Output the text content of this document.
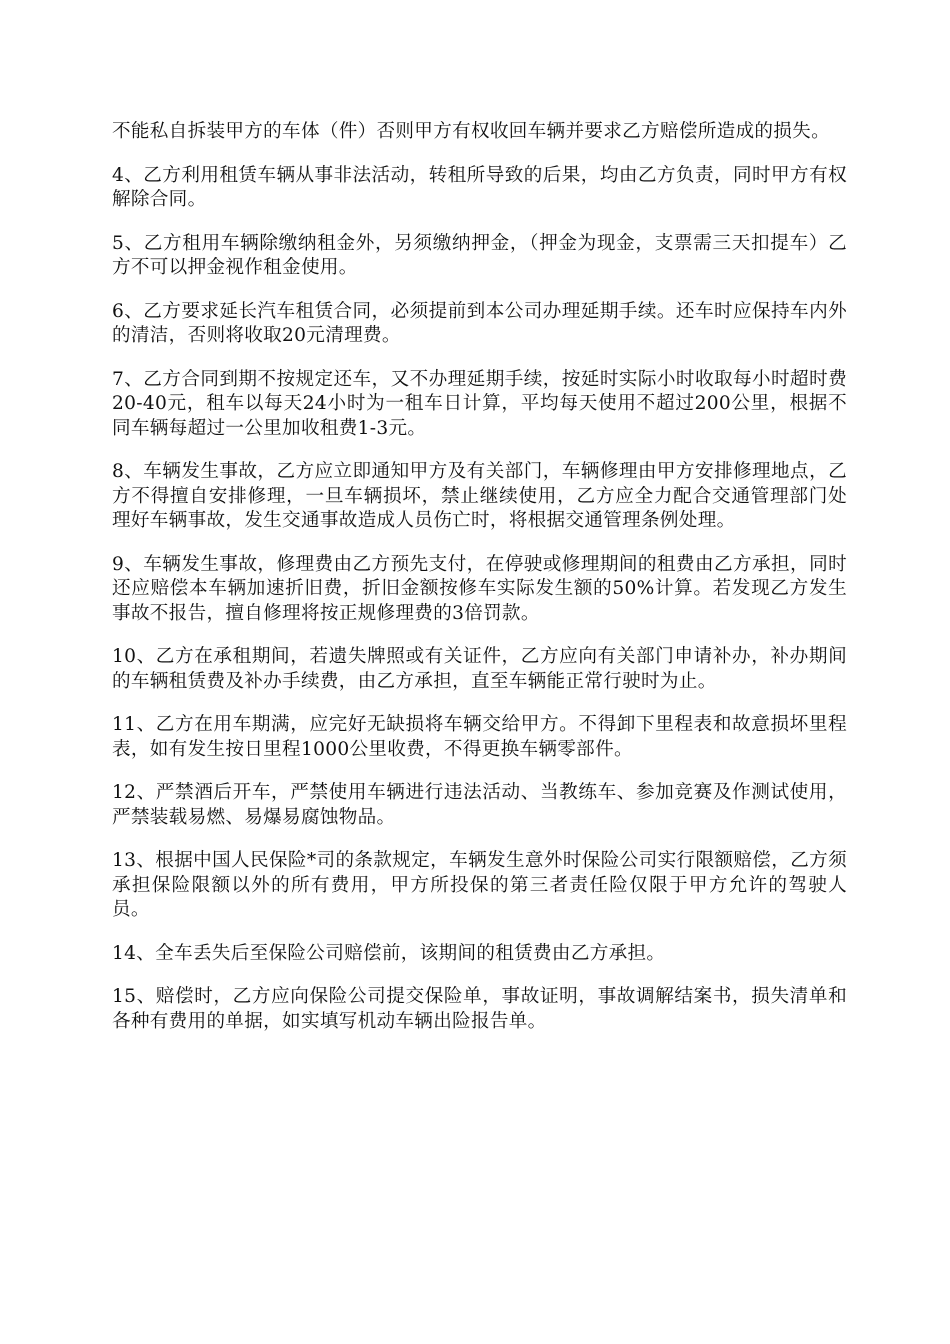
不能私自拆装甲方的车体（件）否则甲方有权收回车辆并要求乙方赔偿所造成的损失。

4、乙方利用租赁车辆从事非法活动，转租所导致的后果，均由乙方负责，同时甲方有权解除合同。

5、乙方租用车辆除缴纳租金外，另须缴纳押金，（押金为现金，支票需三天扣提车）乙方不可以押金视作租金使用。

6、乙方要求延长汽车租赁合同，必须提前到本公司办理延期手续。还车时应保持车内外的清洁，否则将收取20元清理费。

7、乙方合同到期不按规定还车，又不办理延期手续，按延时实际小时收取每小时超时费20-40元，租车以每天24小时为一租车日计算，平均每天使用不超过200公里，根据不同车辆每超过一公里加收租费1-3元。

8、车辆发生事故，乙方应立即通知甲方及有关部门，车辆修理由甲方安排修理地点，乙方不得擅自安排修理，一旦车辆损坏，禁止继续使用，乙方应全力配合交通管理部门处理好车辆事故，发生交通事故造成人员伤亡时，将根据交通管理条例处理。

9、车辆发生事故，修理费由乙方预先支付，在停驶或修理期间的租费由乙方承担，同时还应赔偿本车辆加速折旧费，折旧金额按修车实际发生额的50%计算。若发现乙方发生事故不报告，擅自修理将按正规修理费的3倍罚款。

10、乙方在承租期间，若遗失牌照或有关证件，乙方应向有关部门申请补办，补办期间的车辆租赁费及补办手续费，由乙方承担，直至车辆能正常行驶时为止。

11、乙方在用车期满，应完好无缺损将车辆交给甲方。不得卸下里程表和故意损坏里程表，如有发生按日里程1000公里收费，不得更换车辆零部件。

12、严禁酒后开车，严禁使用车辆进行违法活动、当教练车、参加竞赛及作测试使用，严禁装载易燃、易爆易腐蚀物品。

13、根据中国人民保险*司的条款规定，车辆发生意外时保险公司实行限额赔偿，乙方须承担保险限额以外的所有费用，甲方所投保的第三者责任险仅限于甲方允许的驾驶人员。

14、全车丢失后至保险公司赔偿前，该期间的租赁费由乙方承担。

15、赔偿时，乙方应向保险公司提交保险单，事故证明，事故调解结案书，损失清单和各种有费用的单据，如实填写机动车辆出险报告单。
